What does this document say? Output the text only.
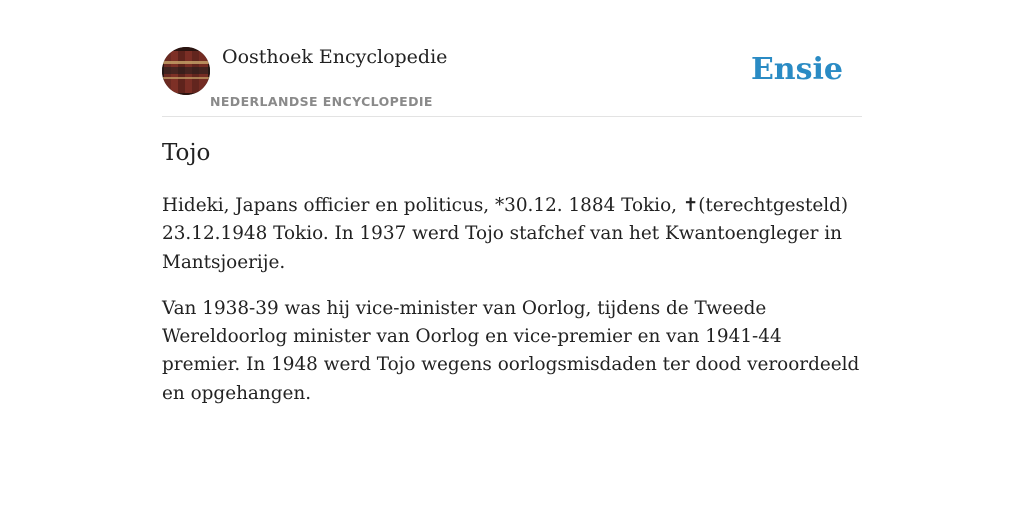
Oosthoek Encyclopedie
NEDERLANDSE ENCYCLOPEDIE
Ensie
Tojo

Hideki, Japans officier en politicus, *30.12. 1884 Tokio, ✝(terechtgesteld) 23.12.1948 Tokio. In 1937 werd Tojo stafchef van het Kwantoengleger in Mantsjoerije.

Van 1938-39 was hij vice-minister van Oorlog, tijdens de Tweede Wereldoorlog minister van Oorlog en vice-premier en van 1941-44 premier. In 1948 werd Tojo wegens oorlogsmisdaden ter dood veroordeeld en opgehangen.
